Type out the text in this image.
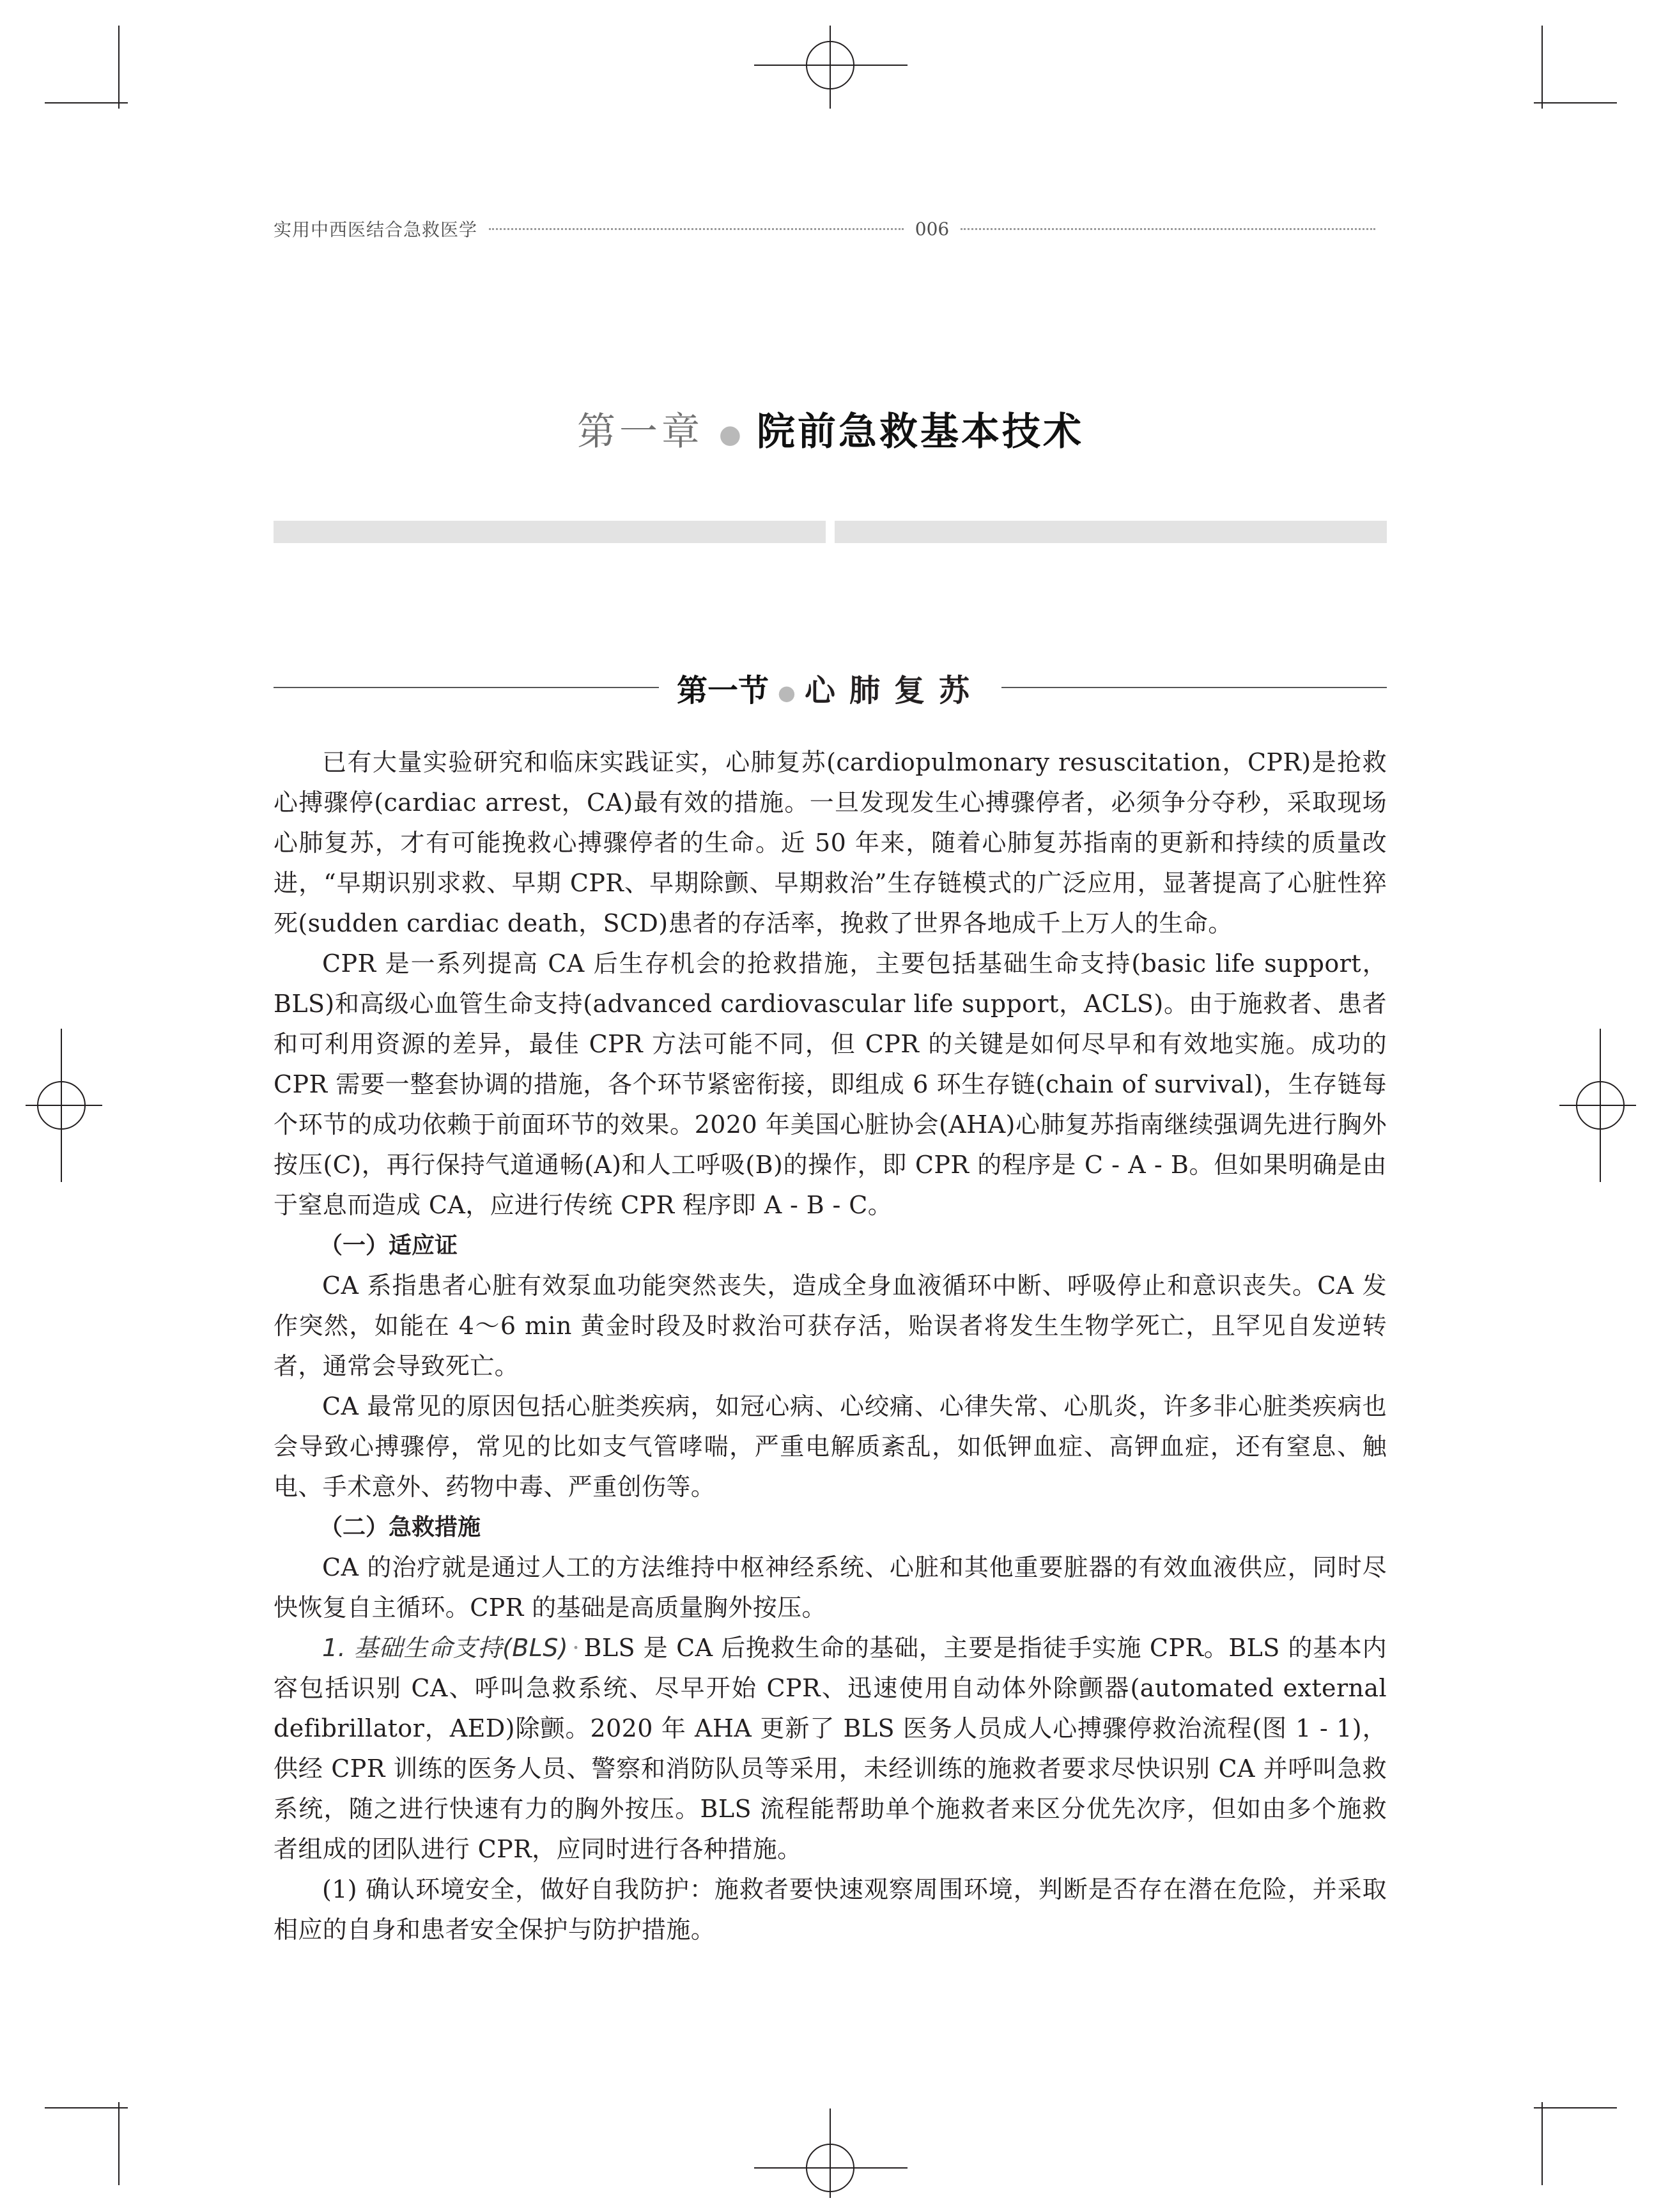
实用中西医结合急救医学	006
第一章 ● 院前急救基本技术
第一节 ● 心肺复苏

已有大量实验研究和临床实践证实，心肺复苏(cardiopulmonary resuscitation，CPR)是抢救心搏骤停(cardiac arrest，CA)最有效的措施。一旦发现发生心搏骤停者，必须争分夺秒，采取现场心肺复苏，才有可能挽救心搏骤停者的生命。近 50 年来，随着心肺复苏指南的更新和持续的质量改进，“早期识别求救、早期 CPR、早期除颤、早期救治”生存链模式的广泛应用，显著提高了心脏性猝死(sudden cardiac death，SCD)患者的存活率，挽救了世界各地成千上万人的生命。

CPR 是一系列提高 CA 后生存机会的抢救措施，主要包括基础生命支持(basic life support，BLS)和高级心血管生命支持(advanced cardiovascular life support，ACLS)。由于施救者、患者和可利用资源的差异，最佳 CPR 方法可能不同，但 CPR 的关键是如何尽早和有效地实施。成功的 CPR 需要一整套协调的措施，各个环节紧密衔接，即组成 6 环生存链(chain of survival)，生存链每个环节的成功依赖于前面环节的效果。2020 年美国心脏协会(AHA)心肺复苏指南继续强调先进行胸外按压(C)，再行保持气道通畅(A)和人工呼吸(B)的操作，即 CPR 的程序是 C - A - B。但如果明确是由于窒息而造成 CA，应进行传统 CPR 程序即 A - B - C。

（一）适应证

CA 系指患者心脏有效泵血功能突然丧失，造成全身血液循环中断、呼吸停止和意识丧失。CA 发作突然，如能在 4～6 min 黄金时段及时救治可获存活，贻误者将发生生物学死亡，且罕见自发逆转者，通常会导致死亡。

CA 最常见的原因包括心脏类疾病，如冠心病、心绞痛、心律失常、心肌炎，许多非心脏类疾病也会导致心搏骤停，常见的比如支气管哮喘，严重电解质紊乱，如低钾血症、高钾血症，还有窒息、触电、手术意外、药物中毒、严重创伤等。

（二）急救措施

CA 的治疗就是通过人工的方法维持中枢神经系统、心脏和其他重要脏器的有效血液供应，同时尽快恢复自主循环。CPR 的基础是高质量胸外按压。

1. 基础生命支持(BLS) · BLS 是 CA 后挽救生命的基础，主要是指徒手实施 CPR。BLS 的基本内容包括识别 CA、呼叫急救系统、尽早开始 CPR、迅速使用自动体外除颤器(automated external defibrillator，AED)除颤。2020 年 AHA 更新了 BLS 医务人员成人心搏骤停救治流程(图 1 - 1)，供经 CPR 训练的医务人员、警察和消防队员等采用，未经训练的施救者要求尽快识别 CA 并呼叫急救系统，随之进行快速有力的胸外按压。BLS 流程能帮助单个施救者来区分优先次序，但如由多个施救者组成的团队进行 CPR，应同时进行各种措施。

(1) 确认环境安全，做好自我防护：施救者要快速观察周围环境，判断是否存在潜在危险，并采取相应的自身和患者安全保护与防护措施。
